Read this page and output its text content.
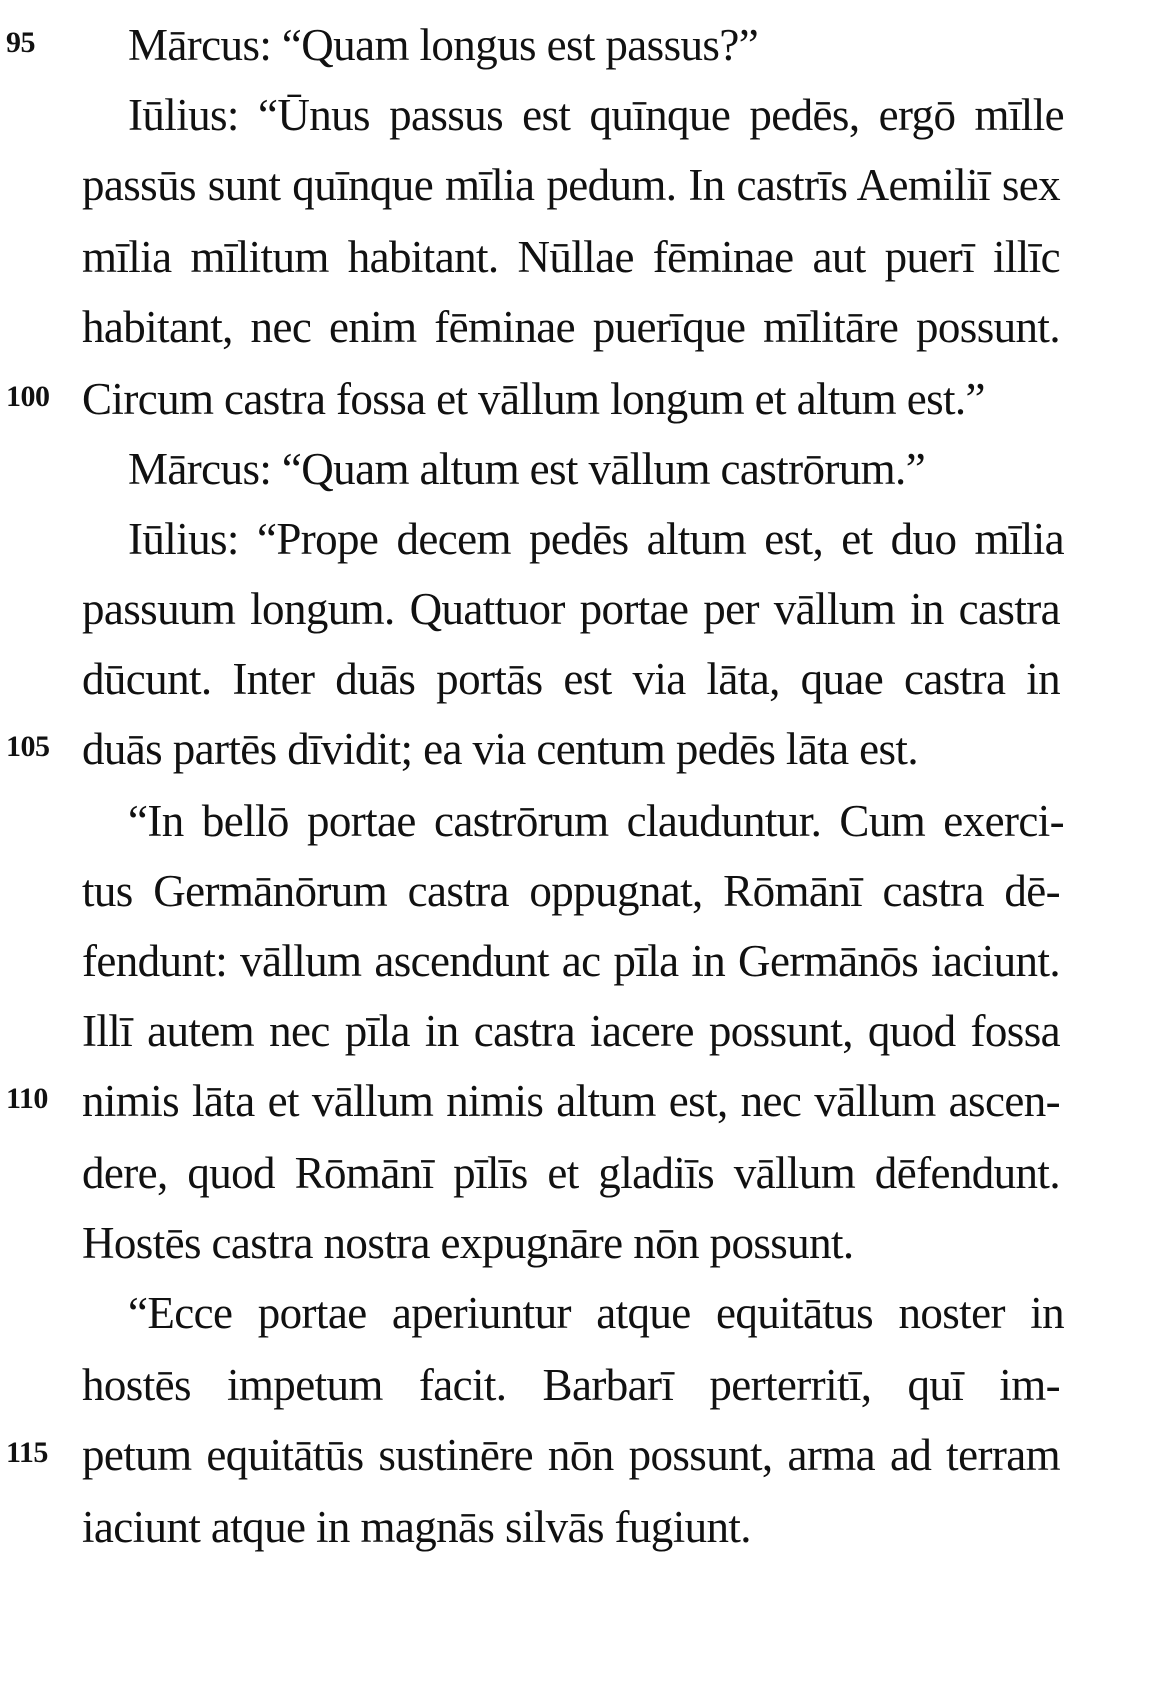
95	Mārcus: “Quam longus est passus?”
Iūlius: “Ūnus passus est quīnque pedēs, ergō mīlle
passūs sunt quīnque mīlia pedum. In castrīs Aemiliī sex
mīlia mīlitum habitant. Nūllae fēminae aut puerī illīc
habitant, nec enim fēminae puerīque mīlitāre possunt.
100 Circum castra fossa et vāllum longum et altum est.”
Mārcus: “Quam altum est vāllum castrōrum.”
Iūlius: “Prope decem pedēs altum est, et duo mīlia
passuum longum. Quattuor portae per vāllum in castra
dūcunt. Inter duās portās est via lāta, quae castra in
105 duās partēs dīvidit; ea via centum pedēs lāta est.
“In bellō portae castrōrum clauduntur. Cum exerci-
tus Germānōrum castra oppugnat, Rōmānī castra dē-
fendunt: vāllum ascendunt ac pīla in Germānōs iaciunt.
Illī autem nec pīla in castra iacere possunt, quod fossa
110 nimis lāta et vāllum nimis altum est, nec vāllum ascen-
dere, quod Rōmānī pīlīs et gladiīs vāllum dēfendunt.
Hostēs castra nostra expugnāre nōn possunt.
“Ecce portae aperiuntur atque equitātus noster in
hostēs impetum facit. Barbarī perterritī, quī im-
115 petum equitātūs sustinēre nōn possunt, arma ad terram
iaciunt atque in magnās silvās fugiunt.
